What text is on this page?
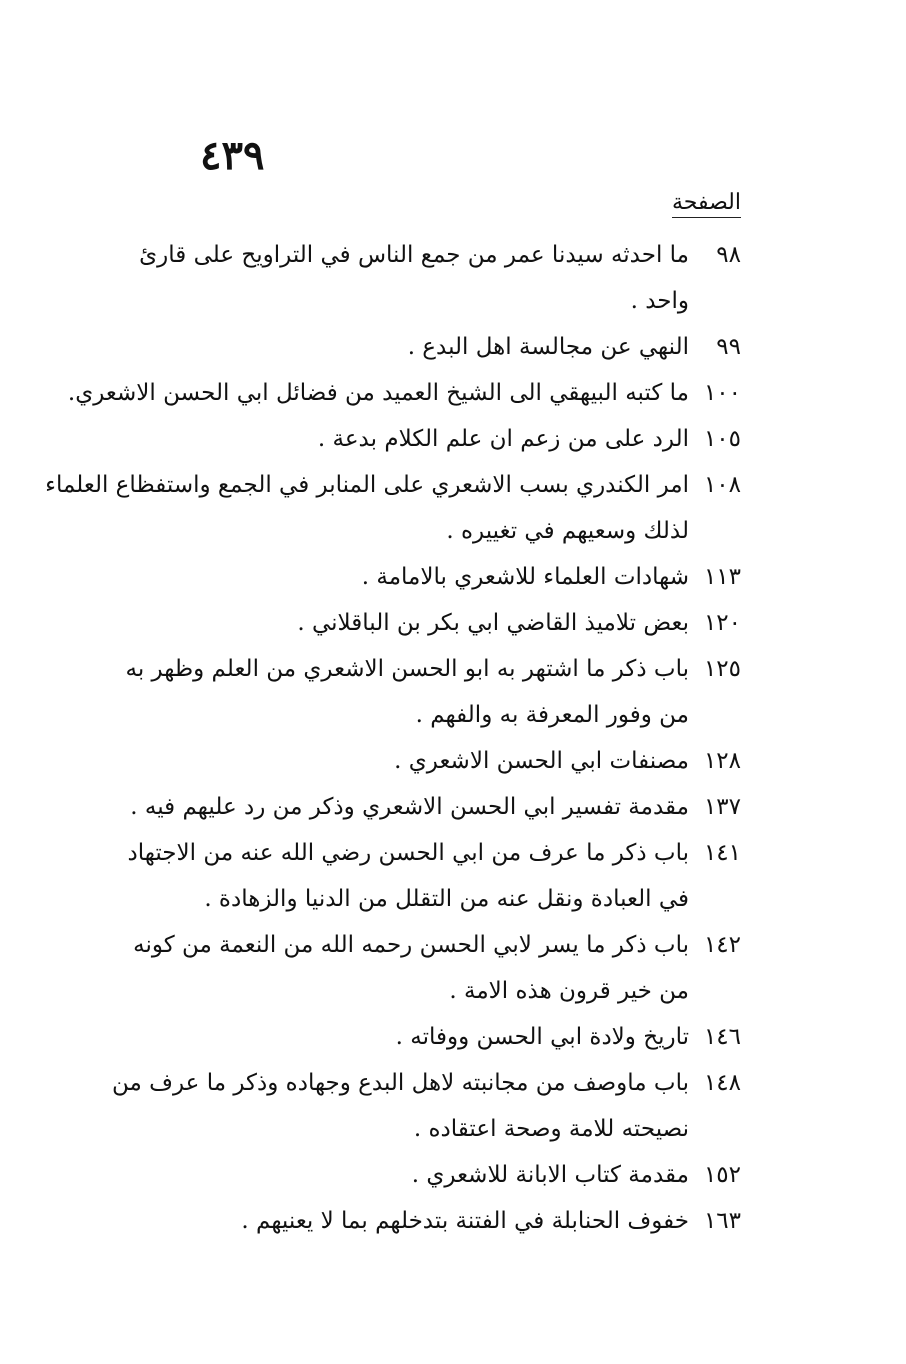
٤٣٩
الصفحة
٩٨
ما احدثه سيدنا عمر من جمع الناس في التراويح على قارئ
واحد .
٩٩
النهي عن مجالسة اهل البدع .
١٠٠
ما كتبه البيهقي الى الشيخ العميد من فضائل ابي الحسن الاشعري.
١٠٥
الرد على من زعم ان علم الكلام بدعة .
١٠٨
امر الكندري بسب الاشعري على المنابر في الجمع واستفظاع العلماء
لذلك وسعيهم في تغييره .
١١٣
شهادات العلماء للاشعري بالامامة .
١٢٠
بعض تلاميذ القاضي ابي بكر بن الباقلاني .
١٢٥
باب ذكر ما اشتهر به ابو الحسن الاشعري من العلم وظهر به
من وفور المعرفة به والفهم .
١٢٨
مصنفات ابي الحسن الاشعري .
١٣٧
مقدمة تفسير ابي الحسن الاشعري وذكر من رد عليهم فيه .
١٤١
باب ذكر ما عرف من ابي الحسن رضي الله عنه من الاجتهاد
في العبادة ونقل عنه من التقلل من الدنيا والزهادة .
١٤٢
باب ذكر ما يسر لابي الحسن رحمه الله من النعمة من كونه
من خير قرون هذه الامة .
١٤٦
تاريخ ولادة ابي الحسن ووفاته .
١٤٨
باب ماوصف من مجانبته لاهل البدع وجهاده وذكر ما عرف من
نصيحته للامة وصحة اعتقاده .
١٥٢
مقدمة كتاب الابانة للاشعري .
١٦٣
خفوف الحنابلة في الفتنة بتدخلهم بما لا يعنيهم .
